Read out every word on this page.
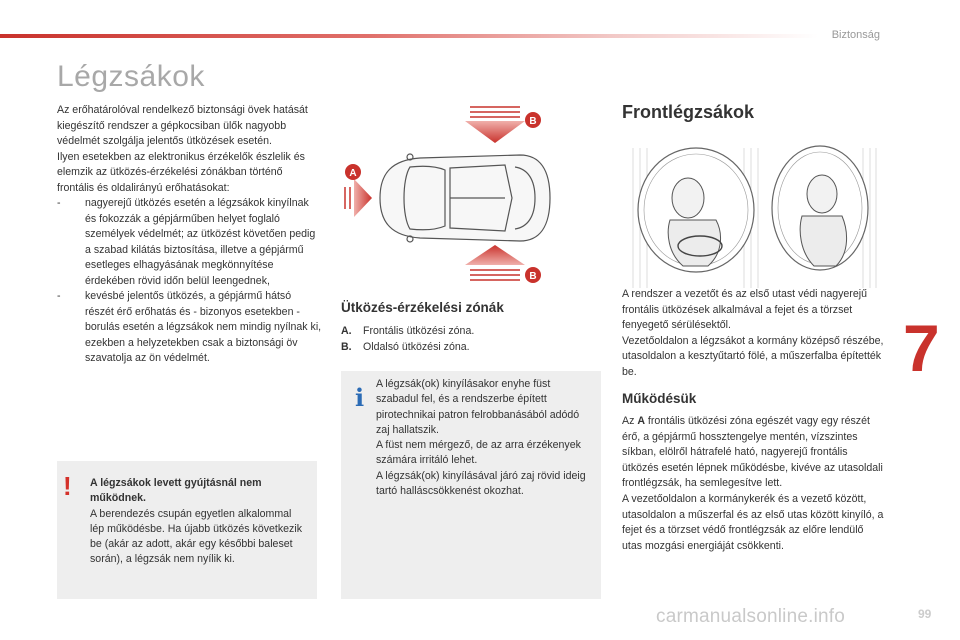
Biztonság
Légzsákok

Az erőhatárolóval rendelkező biztonsági övek hatását kiegészítő rendszer a gépkocsiban ülők nagyobb védelmét szolgálja jelentős ütközések esetén.

Ilyen esetekben az elektronikus érzékelők észlelik és elemzik az ütközés-érzékelési zónákban történő frontális és oldalirányú erőhatásokat:

-	nagyerejű ütközés esetén a légzsákok kinyílnak és fokozzák a gépjárműben helyet foglaló személyek védelmét; az ütközést követően pedig a szabad kilátás biztosítása, illetve a gépjármű esetleges elhagyásának megkönnyítése érdekében rövid időn belül leengednek,
-	kevésbé jelentős ütközés, a gépjármű hátsó részét érő erőhatás és - bizonyos esetekben - borulás esetén a légzsákok nem mindig nyílnak ki, ezekben a helyzetekben csak a biztonsági öv szavatolja az ön védelmét.
! A légzsákok levett gyújtásnál nem működnek.
A berendezés csupán egyetlen alkalommal lép működésbe. Ha újabb ütközés következik be (akár az adott, akár egy későbbi baleset során), a légzsák nem nyílik ki.
A
B
B
Ütközés-érzékelési zónák
A.	Frontális ütközési zóna.
B.	Oldalsó ütközési zóna.
i A légzsák(ok) kinyílásakor enyhe füst szabadul fel, és a rendszerbe épített pirotechnikai patron felrobbanásából adódó zaj hallatszik.
A füst nem mérgező, de az arra érzékenyek számára irritáló lehet.
A légzsák(ok) kinyílásával járó zaj rövid ideig tartó halláscsökkenést okozhat.
Frontlégzsákok

A rendszer a vezetőt és az első utast védi nagyerejű frontális ütközések alkalmával a fejet és a törzset fenyegető sérülésektől.

Vezetőoldalon a légzsákot a kormány középső részébe, utasoldalon a kesztyűtartó fölé, a műszerfalba építették be.

Működésük

Az A frontális ütközési zóna egészét vagy egy részét érő, a gépjármű hossztengelye mentén, vízszintes síkban, elölről hátrafelé ható, nagyerejű frontális ütközés esetén lépnek működésbe, kivéve az utasoldali frontlégzsák, ha semlegesítve lett.

A vezetőoldalon a kormánykerék és a vezető között, utasoldalon a műszerfal és az első utas között kinyíló, a fejet és a törzset védő frontlégzsák az előre lendülő utas mozgási energiáját csökkenti.

7
carmanualsonline.info	99
